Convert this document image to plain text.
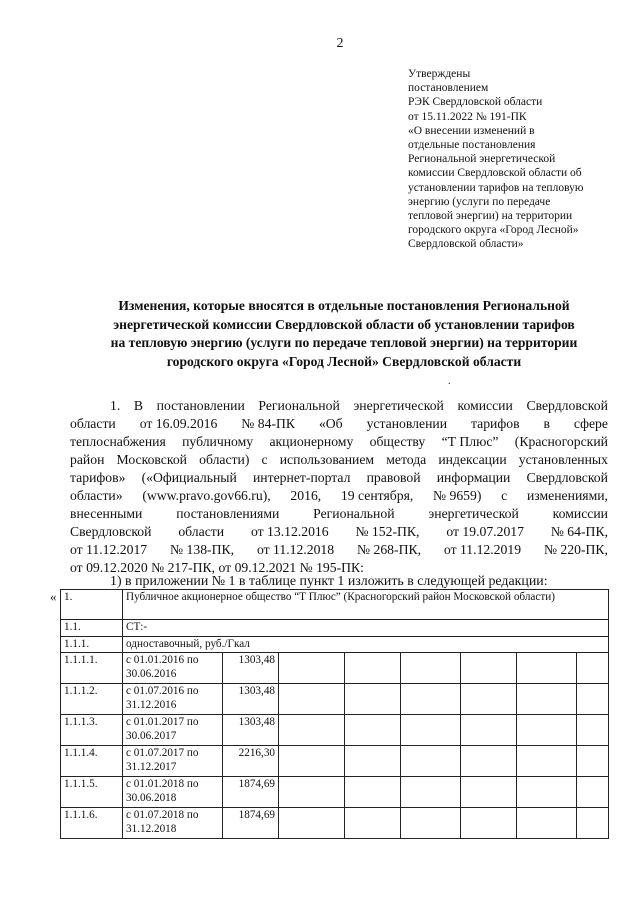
2
Утверждены
постановлением
РЭК Свердловской области
от 15.11.2022 № 191-ПК
«О внесении изменений в
отдельные постановления
Региональной энергетической
комиссии Свердловской области об
установлении тарифов на тепловую
энергию (услуги по передаче
тепловой энергии) на территории
городского округа «Город Лесной»
Свердловской области»
Изменения, которые вносятся в отдельные постановления Региональной
энергетической комиссии Свердловской области об установлении тарифов
на тепловую энергию (услуги по передаче тепловой энергии) на территории
городского округа «Город Лесной» Свердловской области
.
1. В постановлении Региональной энергетической комиссии Свердловской
области от 16.09.2016 № 84-ПК «Об установлении тарифов в сфере
теплоснабжения публичному акционерному обществу “Т Плюс” (Красногорский
район Московской области) с использованием метода индексации установленных
тарифов» («Официальный интернет-портал правовой информации Свердловской
области» (www.pravo.gov66.ru), 2016, 19 сентября, № 9659) с изменениями,
внесенными постановлениями Региональной энергетической комиссии
Свердловской области от 13.12.2016 № 152-ПК, от 19.07.2017 № 64-ПК,
от 11.12.2017 № 138-ПК, от 11.12.2018 № 268-ПК, от 11.12.2019 № 220-ПК,
от 09.12.2020 № 217-ПК, от 09.12.2021 № 195-ПК:
1) в приложении № 1 в таблице пункт 1 изложить в следующей редакции:
« 1.	Публичное акционерное общество “Т Плюс” (Красногорский район Московской области)							
1.1.	СТ:-							
1.1.1.	одноставочный, руб./Гкал							
1.1.1.1.	с 01.01.2016 по 30.06.2016	1303,48						
1.1.1.2.	с 01.07.2016 по 31.12.2016	1303,48						
1.1.1.3.	с 01.01.2017 по 30.06.2017	1303,48						
1.1.1.4.	с 01.07.2017 по 31.12.2017	2216,30						
1.1.1.5.	с 01.01.2018 по 30.06.2018	1874,69						
1.1.1.6.	с 01.07.2018 по 31.12.2018	1874,69						
